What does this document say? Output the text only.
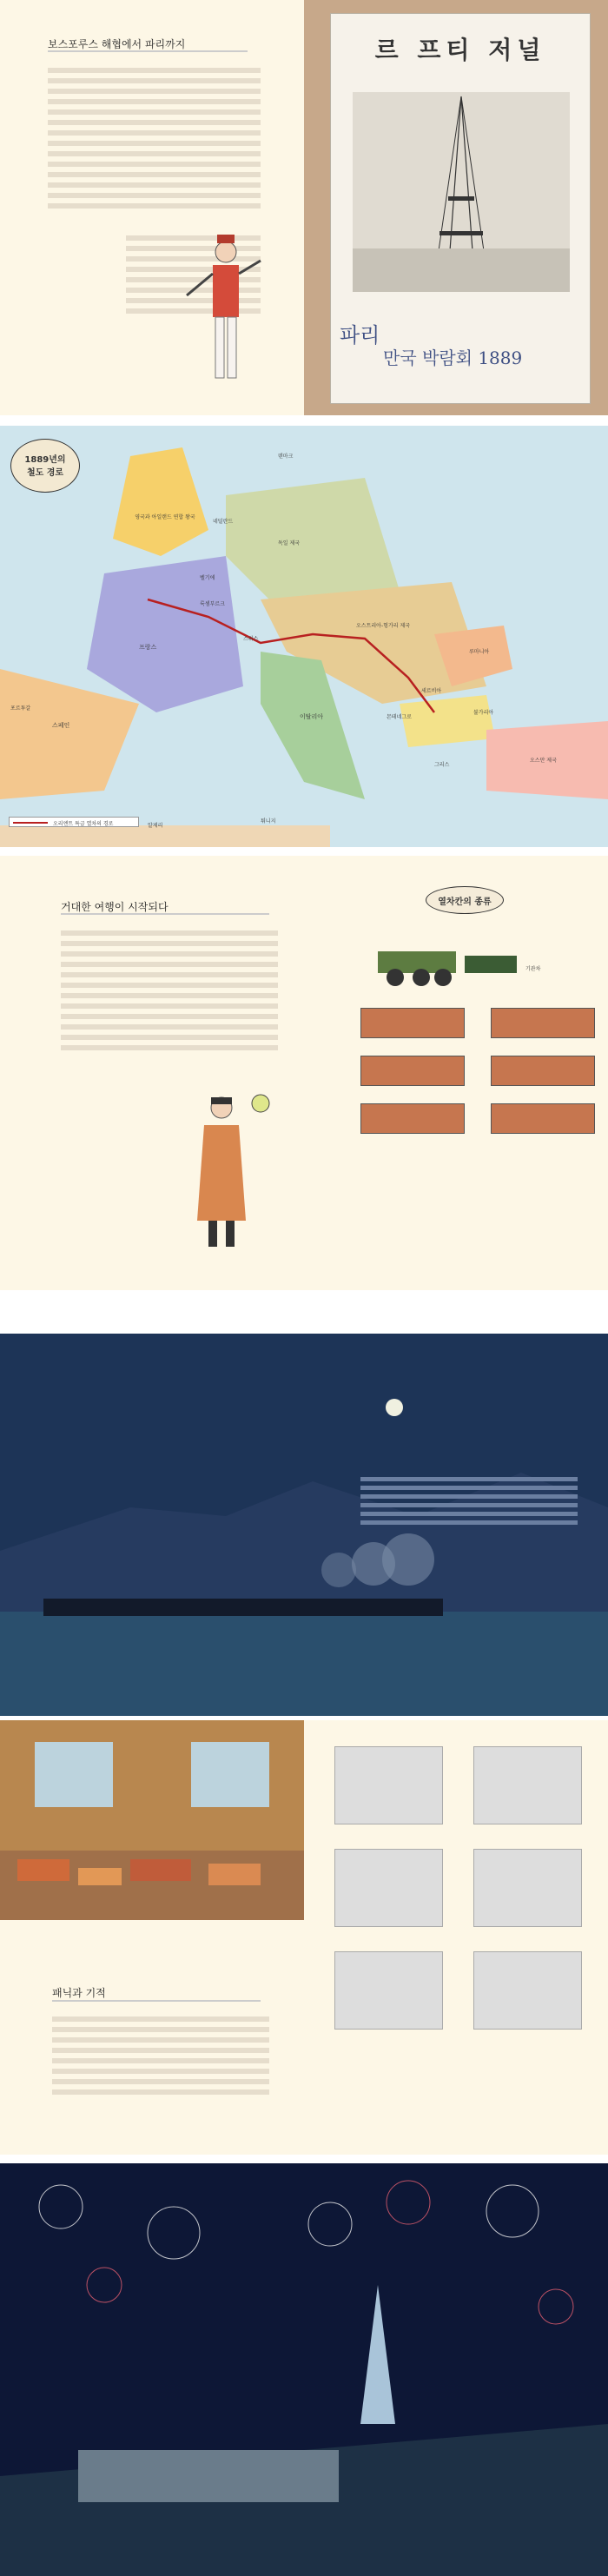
보스포루스 해협에서 파리까지	르 프티 저널
파리
만국 박람회 1889
1889년의
철도 경로
영국과 아일랜드 연합 왕국
네덜란드
독일 제국
벨기에
룩셈부르크
프랑스
스위스
오스트리아-헝가리 제국
이탈리아
루마니아
세르비아
불가리아
그리스
오스만 제국
스페인
포르투갈
몬테네그로
덴마크
알제리
튀니지
오리엔트 특급 열차의 경로
거대한 여행이 시작되다	열차칸의 종류
기관차
패닉과 기적
